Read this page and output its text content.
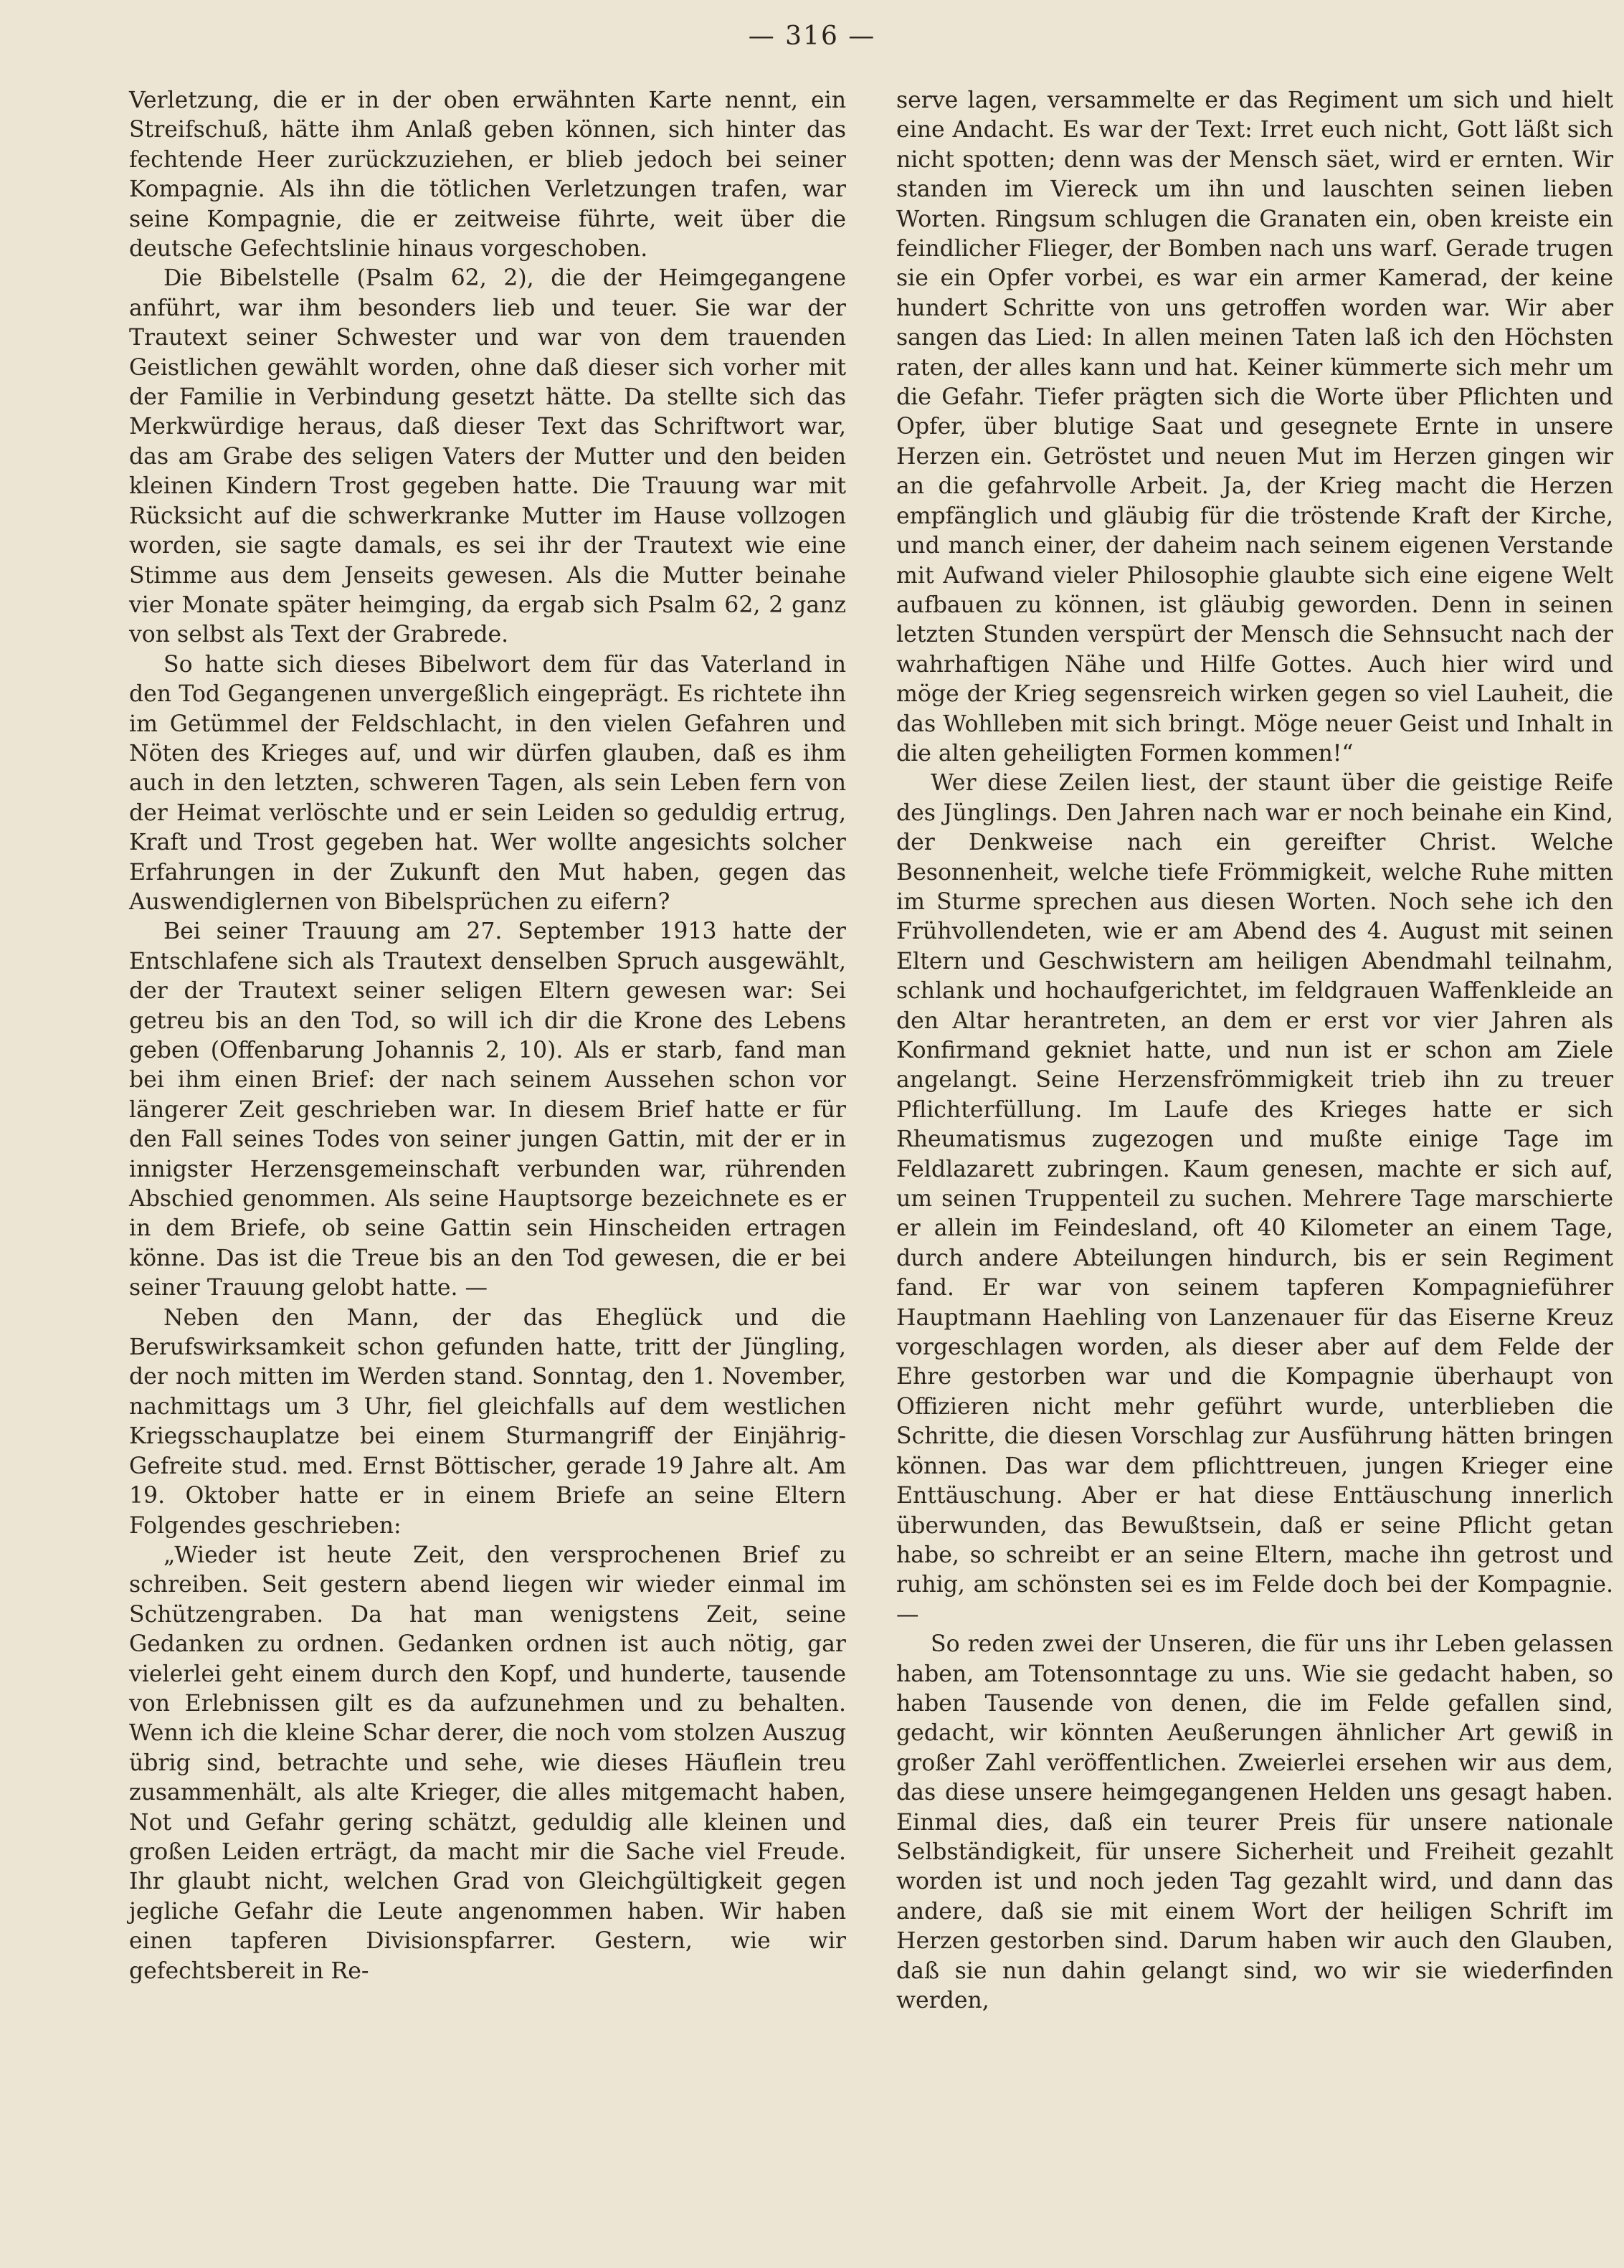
— 316 —

Verletzung, die er in der oben erwähnten Karte nennt, ein Streifschuß, hätte ihm Anlaß geben können, sich hinter das fechtende Heer zurückzuziehen, er blieb jedoch bei seiner Kompagnie. Als ihn die tötlichen Verletzungen trafen, war seine Kompagnie, die er zeitweise führte, weit über die deutsche Gefechtslinie hinaus vorgeschoben.

Die Bibelstelle (Psalm 62, 2), die der Heimgegangene anführt, war ihm besonders lieb und teuer. Sie war der Trautext seiner Schwester und war von dem trauenden Geistlichen gewählt worden, ohne daß dieser sich vorher mit der Familie in Verbindung gesetzt hätte. Da stellte sich das Merkwürdige heraus, daß dieser Text das Schriftwort war, das am Grabe des seligen Vaters der Mutter und den beiden kleinen Kindern Trost gegeben hatte. Die Trauung war mit Rücksicht auf die schwerkranke Mutter im Hause vollzogen worden, sie sagte damals, es sei ihr der Trautext wie eine Stimme aus dem Jenseits gewesen. Als die Mutter beinahe vier Monate später heimging, da ergab sich Psalm 62, 2 ganz von selbst als Text der Grabrede.

So hatte sich dieses Bibelwort dem für das Vaterland in den Tod Gegangenen unvergeßlich eingeprägt. Es richtete ihn im Getümmel der Feldschlacht, in den vielen Gefahren und Nöten des Krieges auf, und wir dürfen glauben, daß es ihm auch in den letzten, schweren Tagen, als sein Leben fern von der Heimat verlöschte und er sein Leiden so geduldig ertrug, Kraft und Trost gegeben hat. Wer wollte angesichts solcher Erfahrungen in der Zukunft den Mut haben, gegen das Auswendiglernen von Bibelsprüchen zu eifern?

Bei seiner Trauung am 27. September 1913 hatte der Entschlafene sich als Trautext denselben Spruch ausgewählt, der der Trautext seiner seligen Eltern gewesen war: Sei getreu bis an den Tod, so will ich dir die Krone des Lebens geben (Offenbarung Johannis 2, 10). Als er starb, fand man bei ihm einen Brief: der nach seinem Aussehen schon vor längerer Zeit geschrieben war. In diesem Brief hatte er für den Fall seines Todes von seiner jungen Gattin, mit der er in innigster Herzensgemeinschaft verbunden war, rührenden Abschied genommen. Als seine Hauptsorge bezeichnete es er in dem Briefe, ob seine Gattin sein Hinscheiden ertragen könne. Das ist die Treue bis an den Tod gewesen, die er bei seiner Trauung gelobt hatte. —

Neben den Mann, der das Eheglück und die Berufswirksamkeit schon gefunden hatte, tritt der Jüngling, der noch mitten im Werden stand. Sonntag, den 1. November, nachmittags um 3 Uhr, fiel gleichfalls auf dem westlichen Kriegsschauplatze bei einem Sturmangriff der Einjährig-Gefreite stud. med. Ernst Böttischer, gerade 19 Jahre alt. Am 19. Oktober hatte er in einem Briefe an seine Eltern Folgendes geschrieben:

„Wieder ist heute Zeit, den versprochenen Brief zu schreiben. Seit gestern abend liegen wir wieder einmal im Schützengraben. Da hat man wenigstens Zeit, seine Gedanken zu ordnen. Gedanken ordnen ist auch nötig, gar vielerlei geht einem durch den Kopf, und hunderte, tausende von Erlebnissen gilt es da aufzunehmen und zu behalten. Wenn ich die kleine Schar derer, die noch vom stolzen Auszug übrig sind, betrachte und sehe, wie dieses Häuflein treu zusammenhält, als alte Krieger, die alles mitgemacht haben, Not und Gefahr gering schätzt, geduldig alle kleinen und großen Leiden erträgt, da macht mir die Sache viel Freude. Ihr glaubt nicht, welchen Grad von Gleichgültigkeit gegen jegliche Gefahr die Leute angenommen haben. Wir haben einen tapferen Divisionspfarrer. Gestern, wie wir gefechtsbereit in Re-

serve lagen, versammelte er das Regiment um sich und hielt eine Andacht. Es war der Text: Irret euch nicht, Gott läßt sich nicht spotten; denn was der Mensch säet, wird er ernten. Wir standen im Viereck um ihn und lauschten seinen lieben Worten. Ringsum schlugen die Granaten ein, oben kreiste ein feindlicher Flieger, der Bomben nach uns warf. Gerade trugen sie ein Opfer vorbei, es war ein armer Kamerad, der keine hundert Schritte von uns getroffen worden war. Wir aber sangen das Lied: In allen meinen Taten laß ich den Höchsten raten, der alles kann und hat. Keiner kümmerte sich mehr um die Gefahr. Tiefer prägten sich die Worte über Pflichten und Opfer, über blutige Saat und gesegnete Ernte in unsere Herzen ein. Getröstet und neuen Mut im Herzen gingen wir an die gefahrvolle Arbeit. Ja, der Krieg macht die Herzen empfänglich und gläubig für die tröstende Kraft der Kirche, und manch einer, der daheim nach seinem eigenen Verstande mit Aufwand vieler Philosophie glaubte sich eine eigene Welt aufbauen zu können, ist gläubig geworden. Denn in seinen letzten Stunden verspürt der Mensch die Sehnsucht nach der wahrhaftigen Nähe und Hilfe Gottes. Auch hier wird und möge der Krieg segensreich wirken gegen so viel Lauheit, die das Wohlleben mit sich bringt. Möge neuer Geist und Inhalt in die alten geheiligten Formen kommen!“

Wer diese Zeilen liest, der staunt über die geistige Reife des Jünglings. Den Jahren nach war er noch beinahe ein Kind, der Denkweise nach ein gereifter Christ. Welche Besonnenheit, welche tiefe Frömmigkeit, welche Ruhe mitten im Sturme sprechen aus diesen Worten. Noch sehe ich den Frühvollendeten, wie er am Abend des 4. August mit seinen Eltern und Geschwistern am heiligen Abendmahl teilnahm, schlank und hochaufgerichtet, im feldgrauen Waffenkleide an den Altar herantreten, an dem er erst vor vier Jahren als Konfirmand gekniet hatte, und nun ist er schon am Ziele angelangt. Seine Herzensfrömmigkeit trieb ihn zu treuer Pflichterfüllung. Im Laufe des Krieges hatte er sich Rheumatismus zugezogen und mußte einige Tage im Feldlazarett zubringen. Kaum genesen, machte er sich auf, um seinen Truppenteil zu suchen. Mehrere Tage marschierte er allein im Feindesland, oft 40 Kilometer an einem Tage, durch andere Abteilungen hindurch, bis er sein Regiment fand. Er war von seinem tapferen Kompagnieführer Hauptmann Haehling von Lanzenauer für das Eiserne Kreuz vorgeschlagen worden, als dieser aber auf dem Felde der Ehre gestorben war und die Kompagnie überhaupt von Offizieren nicht mehr geführt wurde, unterblieben die Schritte, die diesen Vorschlag zur Ausführung hätten bringen können. Das war dem pflichttreuen, jungen Krieger eine Enttäuschung. Aber er hat diese Enttäuschung innerlich überwunden, das Bewußtsein, daß er seine Pflicht getan habe, so schreibt er an seine Eltern, mache ihn getrost und ruhig, am schönsten sei es im Felde doch bei der Kompagnie. —

So reden zwei der Unseren, die für uns ihr Leben gelassen haben, am Totensonntage zu uns. Wie sie gedacht haben, so haben Tausende von denen, die im Felde gefallen sind, gedacht, wir könnten Aeußerungen ähnlicher Art gewiß in großer Zahl veröffentlichen. Zweierlei ersehen wir aus dem, das diese unsere heimgegangenen Helden uns gesagt haben. Einmal dies, daß ein teurer Preis für unsere nationale Selbständigkeit, für unsere Sicherheit und Freiheit gezahlt worden ist und noch jeden Tag gezahlt wird, und dann das andere, daß sie mit einem Wort der heiligen Schrift im Herzen gestorben sind. Darum haben wir auch den Glauben, daß sie nun dahin gelangt sind, wo wir sie wiederfinden werden,
